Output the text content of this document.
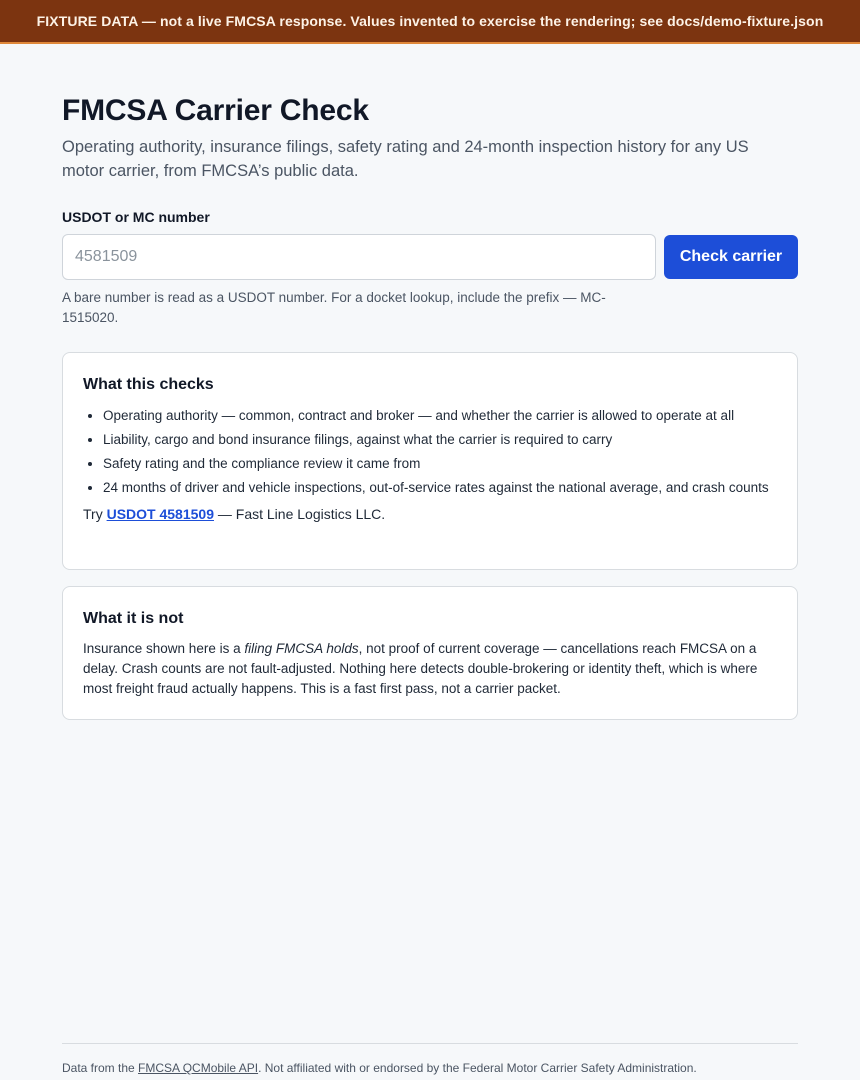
FIXTURE DATA — not a live FMCSA response. Values invented to exercise the rendering; see docs/demo-fixture.json
FMCSA Carrier Check

Operating authority, insurance filings, safety rating and 24-month inspection history for any US motor carrier, from FMCSA’s public data.

USDOT or MC number
4581509
Check carrier

A bare number is read as a USDOT number. For a docket lookup, include the prefix — MC-1515020.

What this checks
• Operating authority — common, contract and broker — and whether the carrier is allowed to operate at all
• Liability, cargo and bond insurance filings, against what the carrier is required to carry
• Safety rating and the compliance review it came from
• 24 months of driver and vehicle inspections, out-of-service rates against the national average, and crash counts

Try USDOT 4581509 — Fast Line Logistics LLC.

What it is not

Insurance shown here is a filing FMCSA holds, not proof of current coverage — cancellations reach FMCSA on a delay. Crash counts are not fault-adjusted. Nothing here detects double-brokering or identity theft, which is where most freight fraud actually happens. This is a fast first pass, not a carrier packet.

Data from the FMCSA QCMobile API. Not affiliated with or endorsed by the Federal Motor Carrier Safety Administration.
